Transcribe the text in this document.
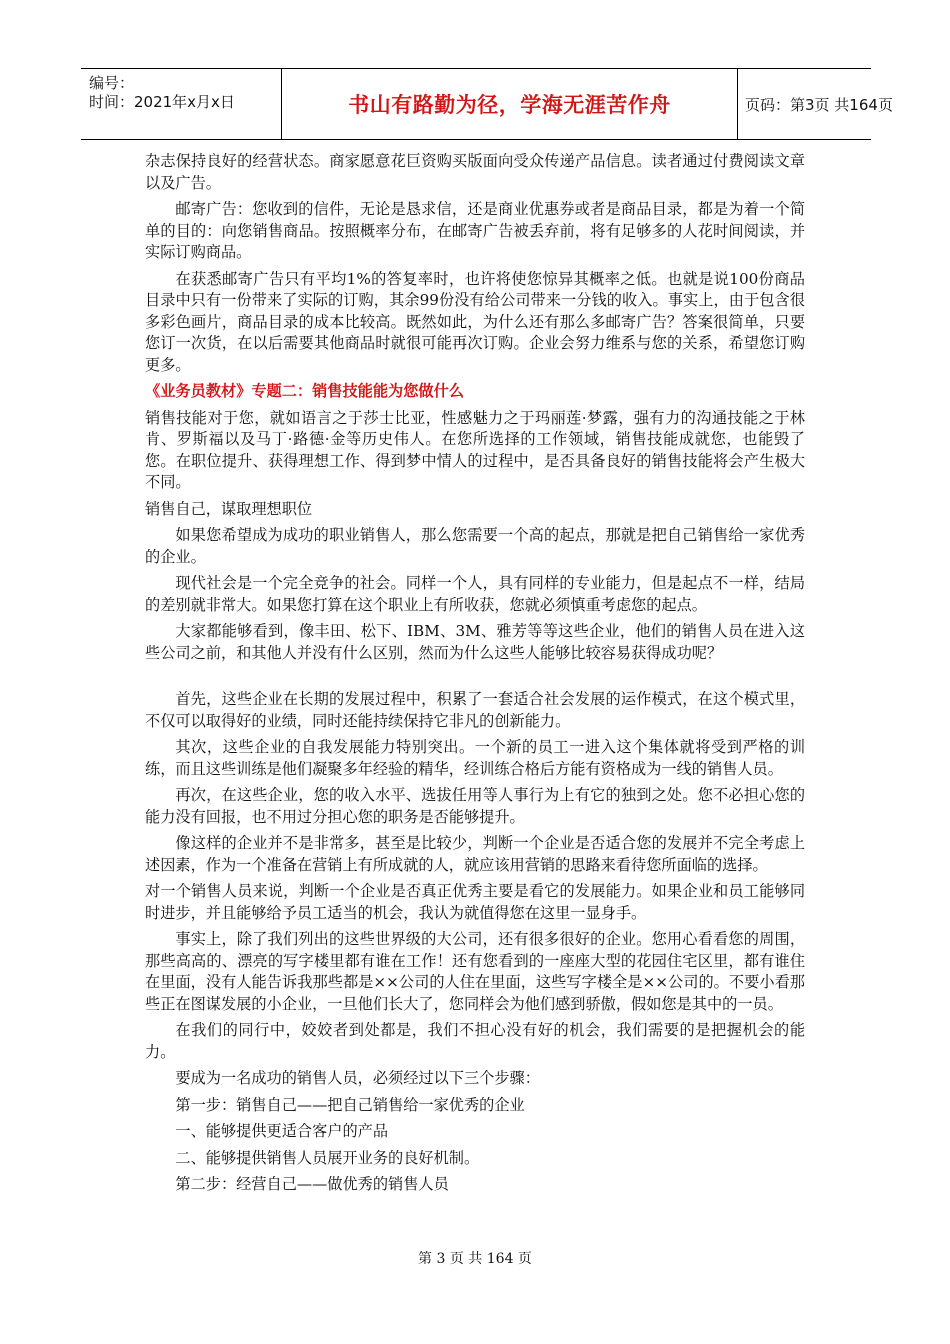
编号：
时间：2021年x月x日	书山有路勤为径，学海无涯苦作舟	页码：第3页 共164页

杂志保持良好的经营状态。商家愿意花巨资购买版面向受众传递产品信息。读者通过付费阅读文章以及广告。

邮寄广告：您收到的信件，无论是恳求信，还是商业优惠券或者是商品目录，都是为着一个简单的目的：向您销售商品。按照概率分布，在邮寄广告被丢弃前，将有足够多的人花时间阅读，并实际订购商品。

在获悉邮寄广告只有平均1%的答复率时，也许将使您惊异其概率之低。也就是说100份商品目录中只有一份带来了实际的订购，其余99份没有给公司带来一分钱的收入。事实上，由于包含很多彩色画片，商品目录的成本比较高。既然如此，为什么还有那么多邮寄广告？答案很简单，只要您订一次货，在以后需要其他商品时就很可能再次订购。企业会努力维系与您的关系，希望您订购更多。

《业务员教材》专题二：销售技能能为您做什么

销售技能对于您，就如语言之于莎士比亚，性感魅力之于玛丽莲·梦露，强有力的沟通技能之于林肯、罗斯福以及马丁·路德·金等历史伟人。在您所选择的工作领域，销售技能成就您，也能毁了您。在职位提升、获得理想工作、得到梦中情人的过程中，是否具备良好的销售技能将会产生极大不同。

销售自己，谋取理想职位

如果您希望成为成功的职业销售人，那么您需要一个高的起点，那就是把自己销售给一家优秀的企业。

现代社会是一个完全竞争的社会。同样一个人，具有同样的专业能力，但是起点不一样，结局的差别就非常大。如果您打算在这个职业上有所收获，您就必须慎重考虑您的起点。

大家都能够看到，像丰田、松下、IBM、3M、雅芳等等这些企业，他们的销售人员在进入这些公司之前，和其他人并没有什么区别，然而为什么这些人能够比较容易获得成功呢？

首先，这些企业在长期的发展过程中，积累了一套适合社会发展的运作模式，在这个模式里，不仅可以取得好的业绩，同时还能持续保持它非凡的创新能力。

其次，这些企业的自我发展能力特别突出。一个新的员工一进入这个集体就将受到严格的训练，而且这些训练是他们凝聚多年经验的精华，经训练合格后方能有资格成为一线的销售人员。

再次，在这些企业，您的收入水平、选拔任用等人事行为上有它的独到之处。您不必担心您的能力没有回报，也不用过分担心您的职务是否能够提升。

像这样的企业并不是非常多，甚至是比较少，判断一个企业是否适合您的发展并不完全考虑上述因素，作为一个准备在营销上有所成就的人，就应该用营销的思路来看待您所面临的选择。

对一个销售人员来说，判断一个企业是否真正优秀主要是看它的发展能力。如果企业和员工能够同时进步，并且能够给予员工适当的机会，我认为就值得您在这里一显身手。

事实上，除了我们列出的这些世界级的大公司，还有很多很好的企业。您用心看看您的周围，那些高高的、漂亮的写字楼里都有谁在工作！还有您看到的一座座大型的花园住宅区里，都有谁住在里面，没有人能告诉我那些都是××公司的人住在里面，这些写字楼全是××公司的。不要小看那些正在图谋发展的小企业，一旦他们长大了，您同样会为他们感到骄傲，假如您是其中的一员。

在我们的同行中，姣姣者到处都是，我们不担心没有好的机会，我们需要的是把握机会的能力。

要成为一名成功的销售人员，必须经过以下三个步骤：

第一步：销售自己——把自己销售给一家优秀的企业

一、能够提供更适合客户的产品

二、能够提供销售人员展开业务的良好机制。

第二步：经营自己——做优秀的销售人员

第 3 页 共 164 页
